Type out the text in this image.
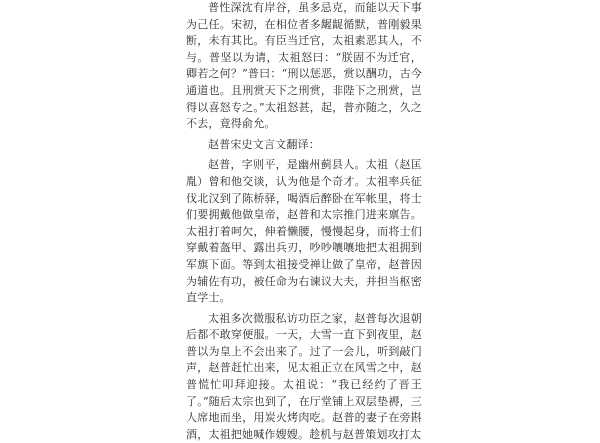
普性深沈有岸谷，虽多忌克，而能以天下事为己任。宋初，在相位者多龌龊循默，普刚毅果断，未有其比。有臣当迁官，太祖素恶其人，不与。普坚以为请，太祖怒曰：“朕固不为迁官，卿若之何？”普曰：“刑以惩恶，赏以酬功，古今通道也。且刑赏天下之刑赏，非陛下之刑赏，岂得以喜怒专之。”太祖怒甚，起，普亦随之，久之不去，竟得俞允。

赵普宋史文言文翻译：

赵普，字则平，是幽州蓟县人。太祖（赵匡胤）曾和他交谈，认为他是个奇才。太祖率兵征伐北汉到了陈桥驿，喝酒后醉卧在军帐里，将士们要拥戴他做皇帝，赵普和太宗推门进来禀告。太祖打着呵欠，伸着懒腰，慢慢起身，而将士们穿戴着盔甲、露出兵刃，吵吵嚷嚷地把太祖拥到军旗下面。等到太祖接受禅让做了皇帝，赵普因为辅佐有功，被任命为右谏议大夫，并担当枢密直学士。

太祖多次微服私访功臣之家，赵普每次退朝后都不敢穿便服。一天，大雪一直下到夜里，赵普以为皇上不会出来了。过了一会儿，听到敲门声，赵普赶忙出来，见太祖正立在风雪之中，赵普慌忙叩拜迎接。太祖说：“我已经约了晋王了。”随后太宗也到了，在厅堂铺上双层垫褥，三人席地而坐，用炭火烤肉吃。赵普的妻子在旁斟酒，太祖把她喊作嫂嫂。趁机与赵普策划攻打太
